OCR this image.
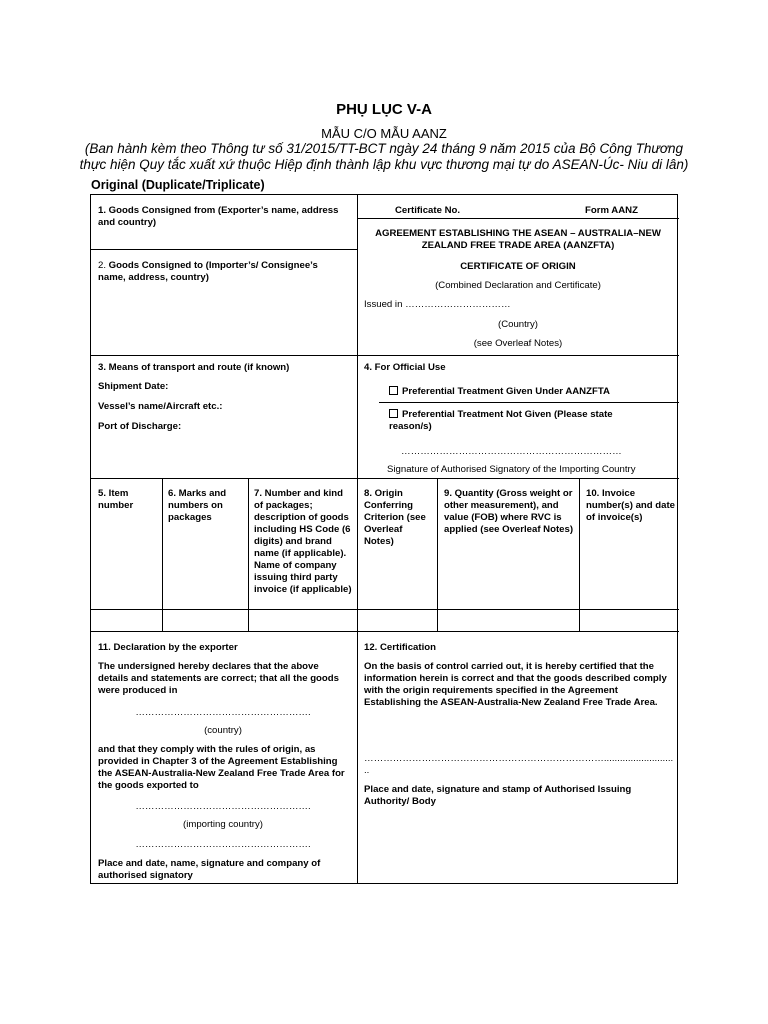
PHỤ LỤC V-A
MẪU C/O MẪU AANZ
(Ban hành kèm theo Thông tư số 31/2015/TT-BCT ngày 24 tháng 9 năm 2015 của Bộ Công Thương thực hiện Quy tắc xuất xứ thuộc Hiệp định thành lập khu vực thương mại tự do ASEAN-Úc- Niu di lân)
Original (Duplicate/Triplicate)
1. Goods Consigned from (Exporter’s name, address and country)
2. Goods Consigned to (Importer’s/ Consignee’s name, address, country)
Certificate No.	Form AANZ
AGREEMENT ESTABLISHING THE ASEAN – AUSTRALIA–NEW ZEALAND FREE TRADE AREA (AANZFTA)
CERTIFICATE OF ORIGIN
(Combined Declaration and Certificate)
Issued in ……………………………
(Country)
(see Overleaf Notes)
3. Means of transport and route (if known)
Shipment Date:
Vessel’s name/Aircraft etc.:
Port of Discharge:
4. For Official Use
Preferential Treatment Given Under AANZFTA
Preferential Treatment Not Given (Please state reason/s)
……………………………………………………………
Signature of Authorised Signatory of the Importing Country
5. Item number
6. Marks and numbers on packages
7. Number and kind of packages; description of goods including HS Code (6 digits) and brand name (if applicable). Name of company issuing third party invoice (if applicable)
8. Origin Conferring Criterion (see Overleaf Notes)
9. Quantity (Gross weight or other measurement), and value (FOB) where RVC is applied (see Overleaf Notes)
10. Invoice number(s) and date of invoice(s)
11. Declaration by the exporter
The undersigned hereby declares that the above details and statements are correct; that all the goods were produced in
……………………………………………….
(country)
and that they comply with the rules of origin, as provided in Chapter 3 of the Agreement Establishing the ASEAN-Australia-New Zealand Free Trade Area for the goods exported to
……………………………………………….
(importing country)
……………………………………………….
Place and date, name, signature and company of authorised signatory
12. Certification
On the basis of control carried out, it is hereby certified that the information herein is correct and that the goods described comply with the origin requirements specified in the Agreement Establishing the ASEAN-Australia-New Zealand Free Trade Area.
…………………………………………………………………..........................
..
Place and date, signature and stamp of Authorised Issuing Authority/ Body
